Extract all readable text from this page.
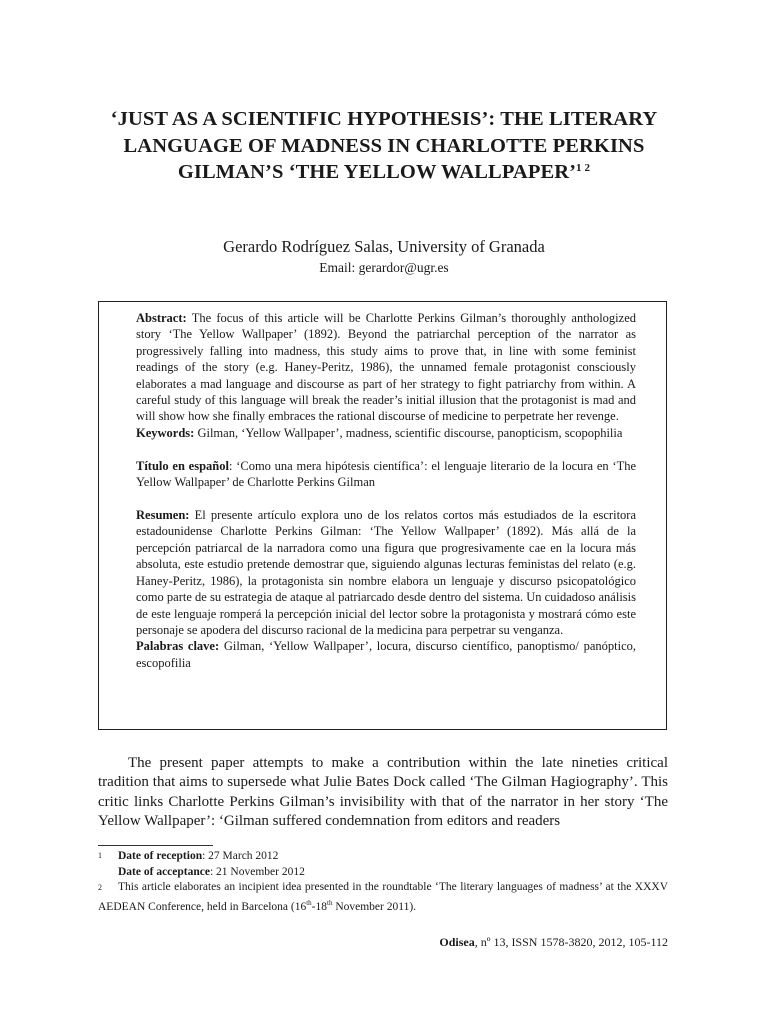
‘JUST AS A SCIENTIFIC HYPOTHESIS’: THE LITERARY LANGUAGE OF MADNESS IN CHARLOTTE PERKINS GILMAN’S ‘THE YELLOW WALLPAPER’$^{1 2}$
Gerardo Rodríguez Salas, University of Granada
Email: gerardor@ugr.es

Abstract: The focus of this article will be Charlotte Perkins Gilman’s thoroughly anthologized story ‘The Yellow Wallpaper’ (1892). Beyond the patriarchal perception of the narrator as progressively falling into madness, this study aims to prove that, in line with some feminist readings of the story (e.g. Haney-Peritz, 1986), the unnamed female protagonist consciously elaborates a mad language and discourse as part of her strategy to fight patriarchy from within. A careful study of this language will break the reader’s initial illusion that the protagonist is mad and will show how she finally embraces the rational discourse of medicine to perpetrate her revenge.

Keywords: Gilman, ‘Yellow Wallpaper’, madness, scientific discourse, panopticism, scopophilia

Título en español: ‘Como una mera hipótesis científica’: el lenguaje literario de la locura en ‘The Yellow Wallpaper’ de Charlotte Perkins Gilman

Resumen: El presente artículo explora uno de los relatos cortos más estudiados de la escritora estadounidense Charlotte Perkins Gilman: ‘The Yellow Wallpaper’ (1892). Más allá de la percepción patriarcal de la narradora como una figura que progresivamente cae en la locura más absoluta, este estudio pretende demostrar que, siguiendo algunas lecturas feministas del relato (e.g. Haney-Peritz, 1986), la protagonista sin nombre elabora un lenguaje y discurso psicopatológico como parte de su estrategia de ataque al patriarcado desde dentro del sistema. Un cuidadoso análisis de este lenguaje romperá la percepción inicial del lector sobre la protagonista y mostrará cómo este personaje se apodera del discurso racional de la medicina para perpetrar su venganza.

Palabras clave: Gilman, ‘Yellow Wallpaper’, locura, discurso científico, panoptismo/ panóptico, escopofilia

The present paper attempts to make a contribution within the late nineties critical tradition that aims to supersede what Julie Bates Dock called ‘The Gilman Hagiography’. This critic links Charlotte Perkins Gilman’s invisibility with that of the narrator in her story ‘The Yellow Wallpaper’: ‘Gilman suffered condemnation from editors and readers

1 Date of reception: 27 March 2012
Date of acceptance: 21 November 2012
2 This article elaborates an incipient idea presented in the roundtable ‘The literary languages of madness’ at the XXXV AEDEAN Conference, held in Barcelona (16th-18th November 2011).
Odisea, nº 13, ISSN 1578-3820, 2012, 105-112
